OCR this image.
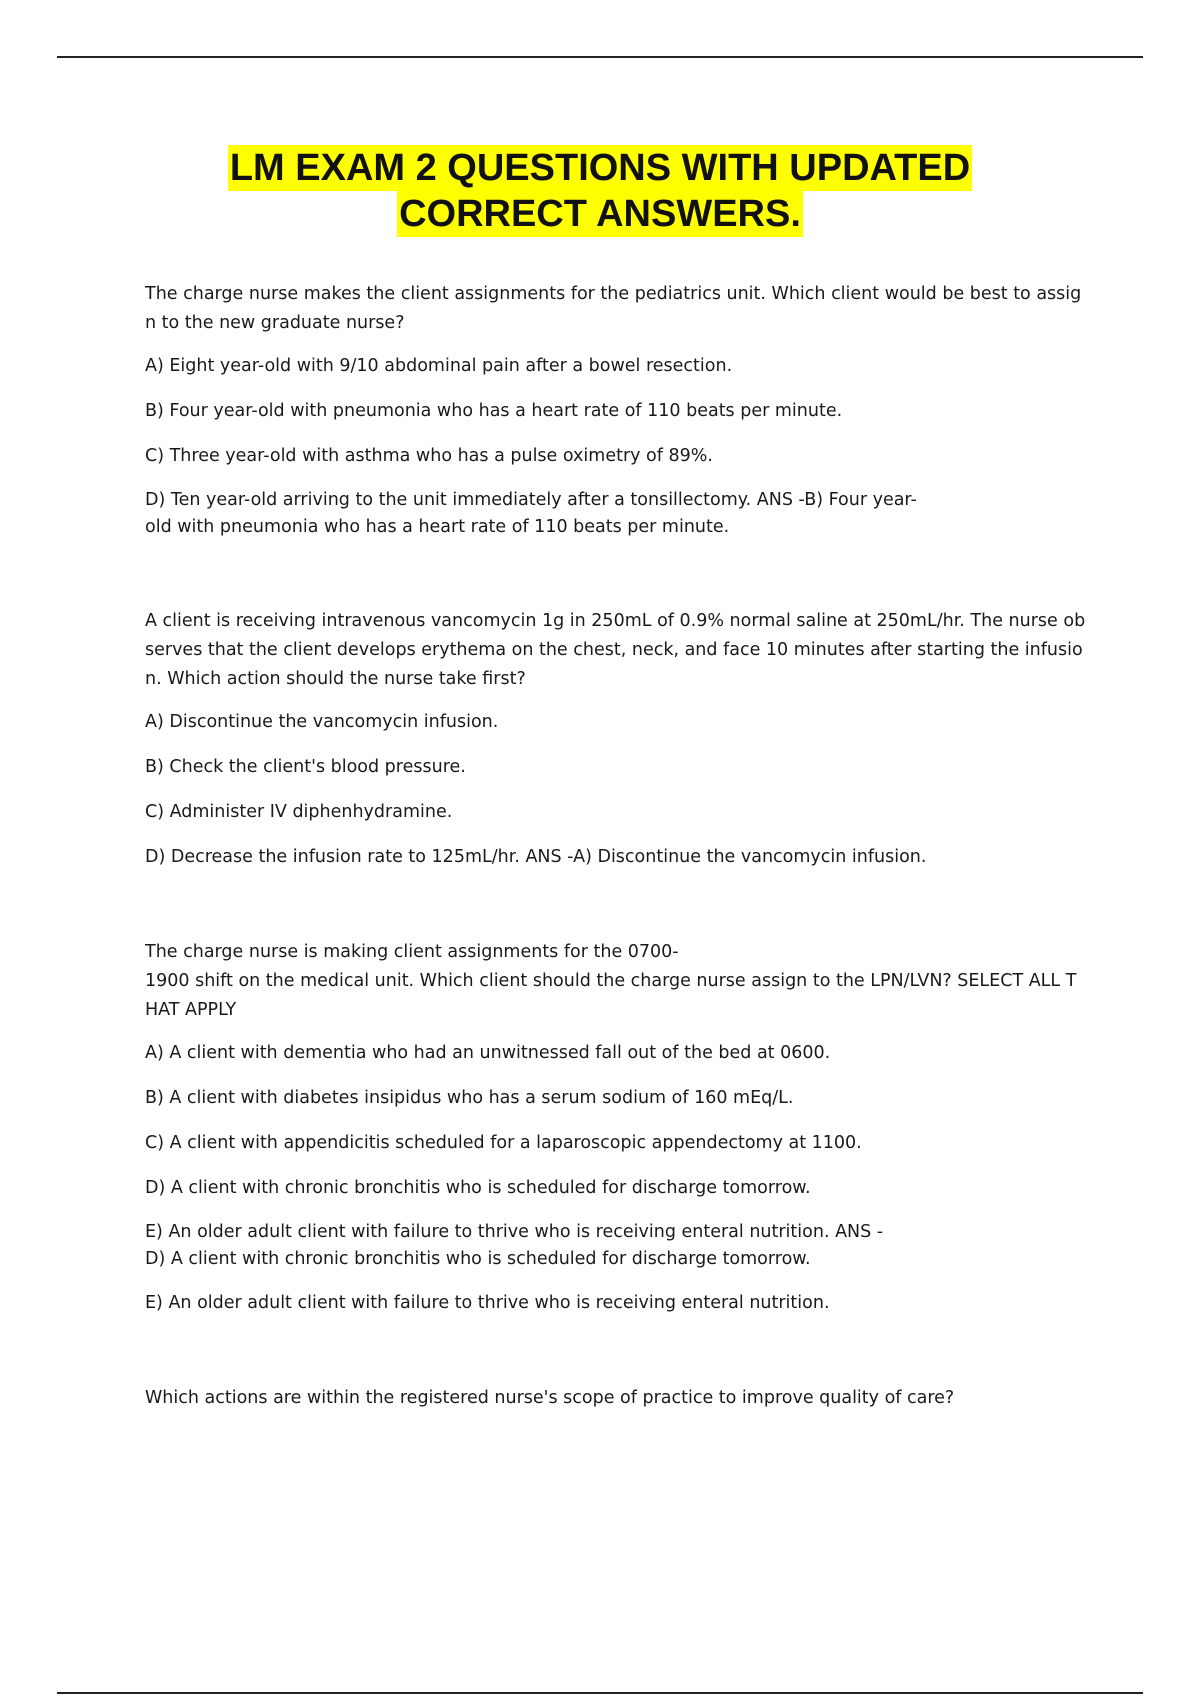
LM EXAM 2 QUESTIONS WITH UPDATED
CORRECT ANSWERS.
The charge nurse makes the client assignments for the pediatrics unit. Which client would be best to assig
n to the new graduate nurse?
A) Eight year-old with 9/10 abdominal pain after a bowel resection.
B) Four year-old with pneumonia who has a heart rate of 110 beats per minute.
C) Three year-old with asthma who has a pulse oximetry of 89%.
D) Ten year-old arriving to the unit immediately after a tonsillectomy. ANS -B) Four year-
old with pneumonia who has a heart rate of 110 beats per minute.
A client is receiving intravenous vancomycin 1g in 250mL of 0.9% normal saline at 250mL/hr. The nurse ob
serves that the client develops erythema on the chest, neck, and face 10 minutes after starting the infusio
n. Which action should the nurse take first?
A) Discontinue the vancomycin infusion.
B) Check the client's blood pressure.
C) Administer IV diphenhydramine.
D) Decrease the infusion rate to 125mL/hr. ANS -A) Discontinue the vancomycin infusion.
The charge nurse is making client assignments for the 0700-
1900 shift on the medical unit. Which client should the charge nurse assign to the LPN/LVN? SELECT ALL T
HAT APPLY
A) A client with dementia who had an unwitnessed fall out of the bed at 0600.
B) A client with diabetes insipidus who has a serum sodium of 160 mEq/L.
C) A client with appendicitis scheduled for a laparoscopic appendectomy at 1100.
D) A client with chronic bronchitis who is scheduled for discharge tomorrow.
E) An older adult client with failure to thrive who is receiving enteral nutrition. ANS -
D) A client with chronic bronchitis who is scheduled for discharge tomorrow.
E) An older adult client with failure to thrive who is receiving enteral nutrition.
Which actions are within the registered nurse's scope of practice to improve quality of care?
